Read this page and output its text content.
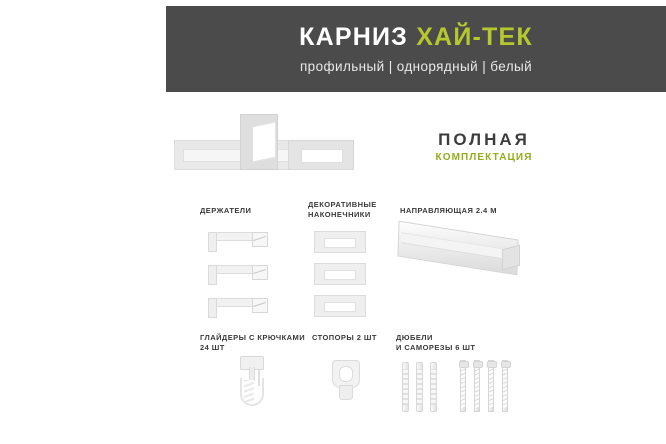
КАРНИЗ ХАЙ-ТЕК
профильный | однорядный | белый
ПОЛНАЯ
КОМПЛЕКТАЦИЯ
ДЕРЖАТЕЛИ
ДЕКОРАТИВНЫЕ
НАКОНЕЧНИКИ	НАПРАВЛЯЮЩАЯ 2.4 М
ГЛАЙДЕРЫ С КРЮЧКАМИ
24 ШТ
СТОПОРЫ 2 ШТ	ДЮБЕЛИ
И САМОРЕЗЫ 6 ШТ
